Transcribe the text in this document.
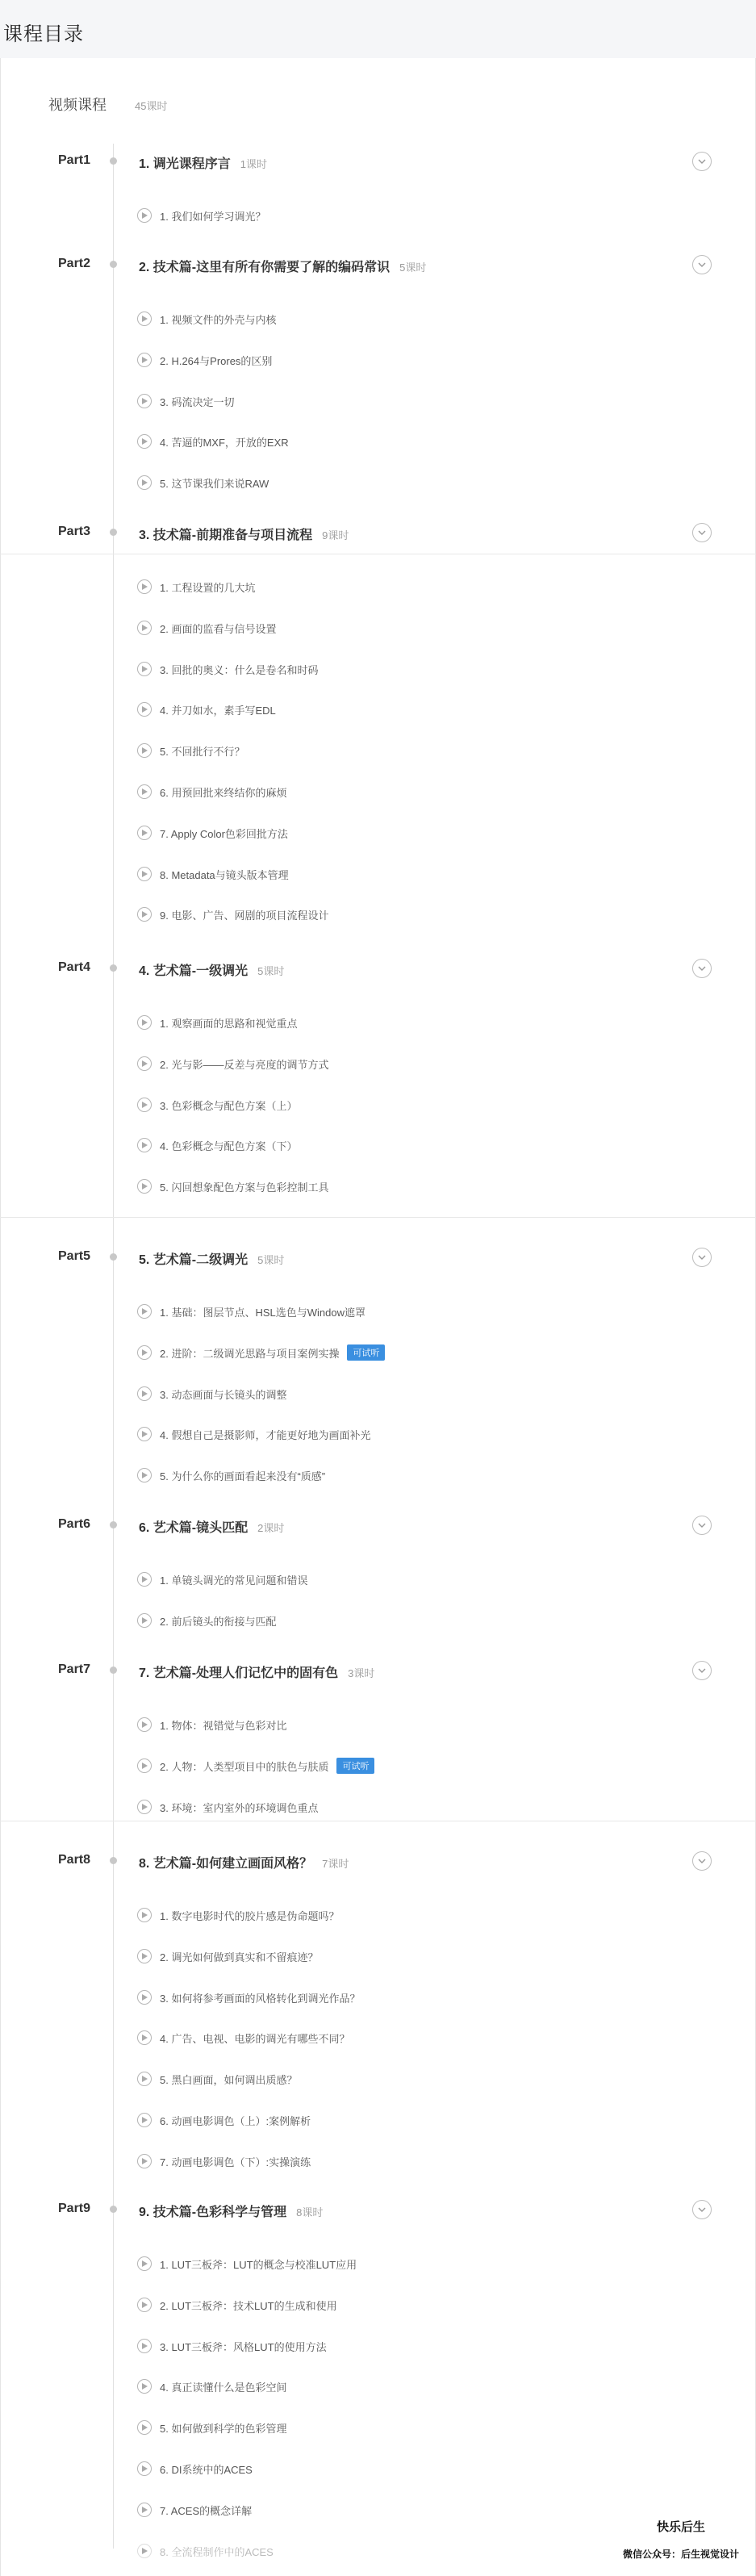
课程目录
视频课程	45课时
Part1	1. 调光课程序言 1课时
1. 我们如何学习调光？
Part2	2. 技术篇-这里有所有你需要了解的编码常识 5课时
1. 视频文件的外壳与内核
2. H.264与Prores的区别
3. 码流决定一切
4. 苦逼的MXF，开放的EXR
5. 这节课我们来说RAW
Part3	3. 技术篇-前期准备与项目流程 9课时
1. 工程设置的几大坑
2. 画面的监看与信号设置
3. 回批的奥义：什么是卷名和时码
4. 并刀如水，素手写EDL
5. 不回批行不行？
6. 用预回批来终结你的麻烦
7. Apply Color色彩回批方法
8. Metadata与镜头版本管理
9. 电影、广告、网剧的项目流程设计
Part4	4. 艺术篇-一级调光 5课时
1. 观察画面的思路和视觉重点
2. 光与影——反差与亮度的调节方式
3. 色彩概念与配色方案（上）
4. 色彩概念与配色方案（下）
5. 闪回想象配色方案与色彩控制工具
Part5	5. 艺术篇-二级调光 5课时
1. 基础：图层节点、HSL选色与Window遮罩
2. 进阶：二级调光思路与项目案例实操	可试听
3. 动态画面与长镜头的调整
4. 假想自己是摄影师，才能更好地为画面补光
5. 为什么你的画面看起来没有“质感”
Part6	6. 艺术篇-镜头匹配 2课时
1. 单镜头调光的常见问题和错误
2. 前后镜头的衔接与匹配
Part7	7. 艺术篇-处理人们记忆中的固有色 3课时
1. 物体：视错觉与色彩对比
2. 人物：人类型项目中的肤色与肤质	可试听
3. 环境：室内室外的环境调色重点
Part8	8. 艺术篇-如何建立画面风格？ 7课时
1. 数字电影时代的胶片感是伪命题吗？
2. 调光如何做到真实和不留痕迹？
3. 如何将参考画面的风格转化到调光作品？
4. 广告、电视、电影的调光有哪些不同？
5. 黑白画面，如何调出质感？
6. 动画电影调色（上）:案例解析
7. 动画电影调色（下）:实操演练
Part9	9. 技术篇-色彩科学与管理 8课时
1. LUT三板斧：LUT的概念与校准LUT应用
2. LUT三板斧：技术LUT的生成和使用
3. LUT三板斧：风格LUT的使用方法
4. 真正读懂什么是色彩空间
5. 如何做到科学的色彩管理
6. DI系统中的ACES
7. ACES的概念详解
8. 全流程制作中的ACES
快乐后生
微信公众号：后生视觉设计
